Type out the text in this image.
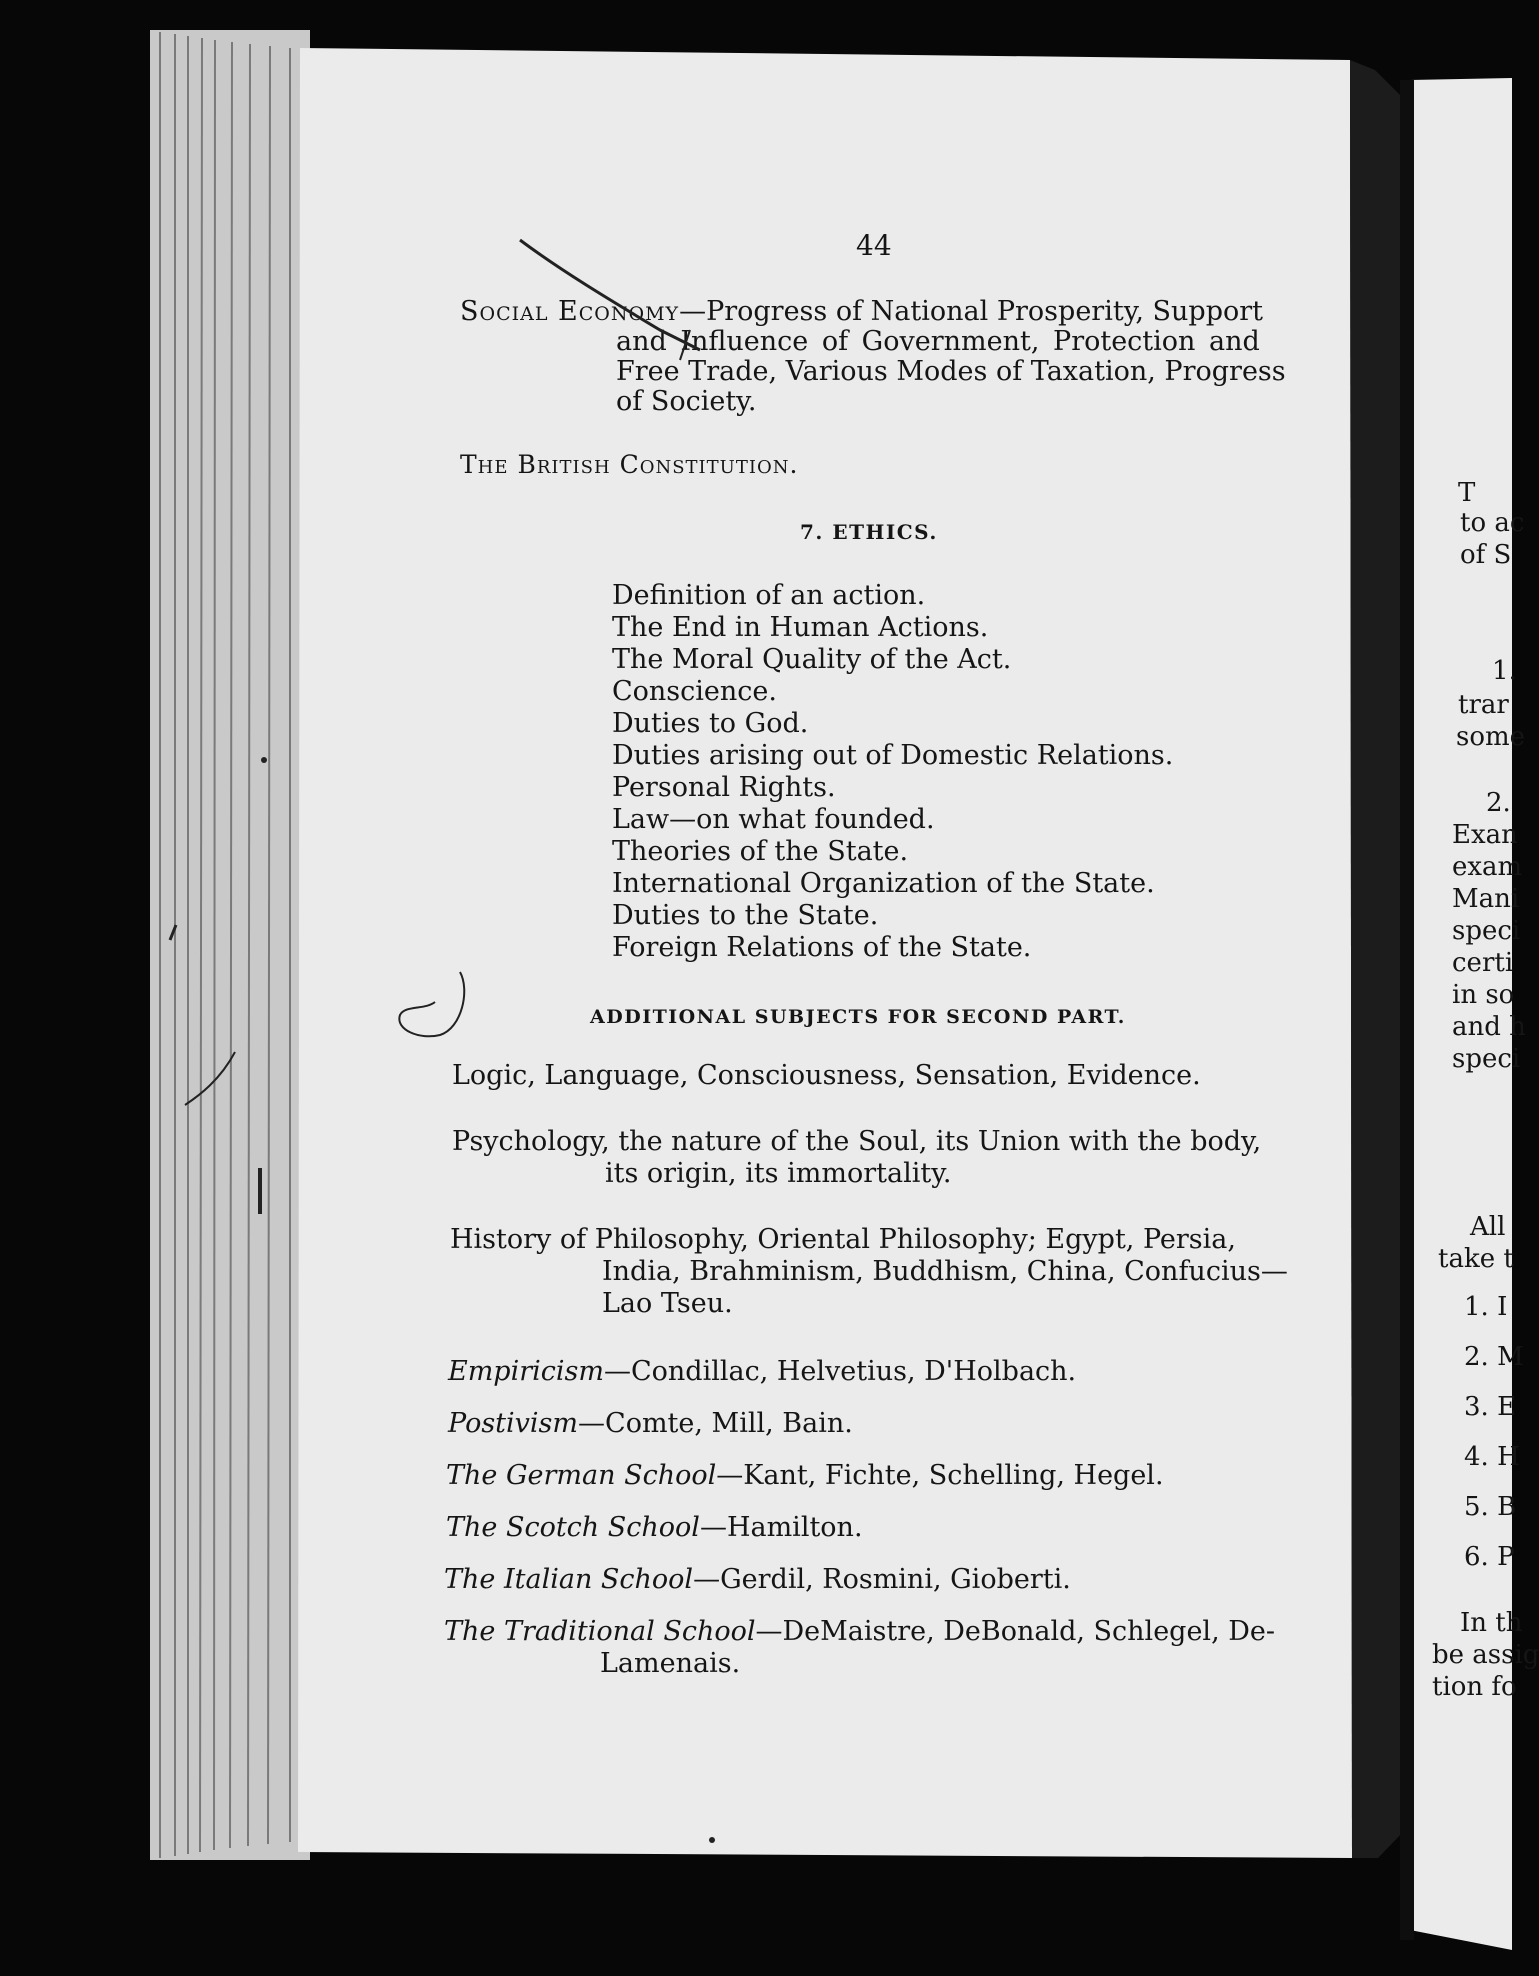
44
Social Economy—Progress of National Prosperity, Support
and Influence of Government, Protection and
Free Trade, Various Modes of Taxation, Progress
of Society.
The British Constitution.
7. ETHICS.
Definition of an action.
The End in Human Actions.
The Moral Quality of the Act.
Conscience.
Duties to God.
Duties arising out of Domestic Relations.
Personal Rights.
Law—on what founded.
Theories of the State.
International Organization of the State.
Duties to the State.
Foreign Relations of the State.
ADDITIONAL SUBJECTS FOR SECOND PART.
Logic, Language, Consciousness, Sensation, Evidence.
Psychology, the nature of the Soul, its Union with the body,
its origin, its immortality.
History of Philosophy, Oriental Philosophy; Egypt, Persia,
India, Brahminism, Buddhism, China, Confucius—
Lao Tseu.
Empiricism—Condillac, Helvetius, D'Holbach.
Postivism—Comte, Mill, Bain.
The German School—Kant, Fichte, Schelling, Hegel.
The Scotch School—Hamilton.
The Italian School—Gerdil, Rosmini, Gioberti.
The Traditional School—DeMaistre, DeBonald, Schlegel, De-
Lamenais.
T
to ac
of S
1.
trar
some
2.
Exan
exam
Mani
speci
certi
in so
and h
speci
All
take t
1. I
2. M
3. E
4. H
5. B
6. P
In th
be assig
tion fo
